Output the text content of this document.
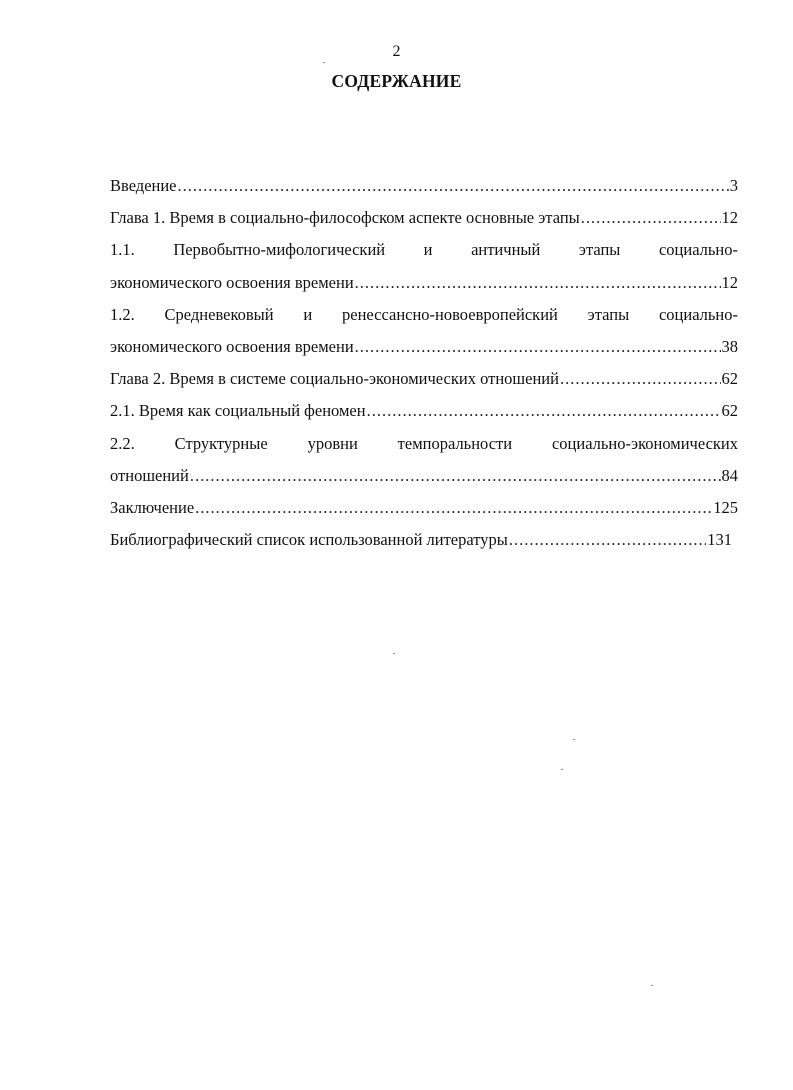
2
СОДЕРЖАНИЕ
Введение .....	3
Глава 1. Время в социально-философском аспекте основные этапы .....	12
1.1. Первобытно-мифологический и античный этапы социально-
экономического освоения времени .....	12
1.2. Средневековый и ренессансно-новоевропейский этапы социально-
экономического освоения времени .....	38
Глава 2. Время в системе социально-экономических отношений .....	62
2.1. Время как социальный феномен .....	62
2.2. Структурные уровни темпоральности социально-экономических
отношений .....	84
Заключение .....	125
Библиографический список использованной литературы .....	131
